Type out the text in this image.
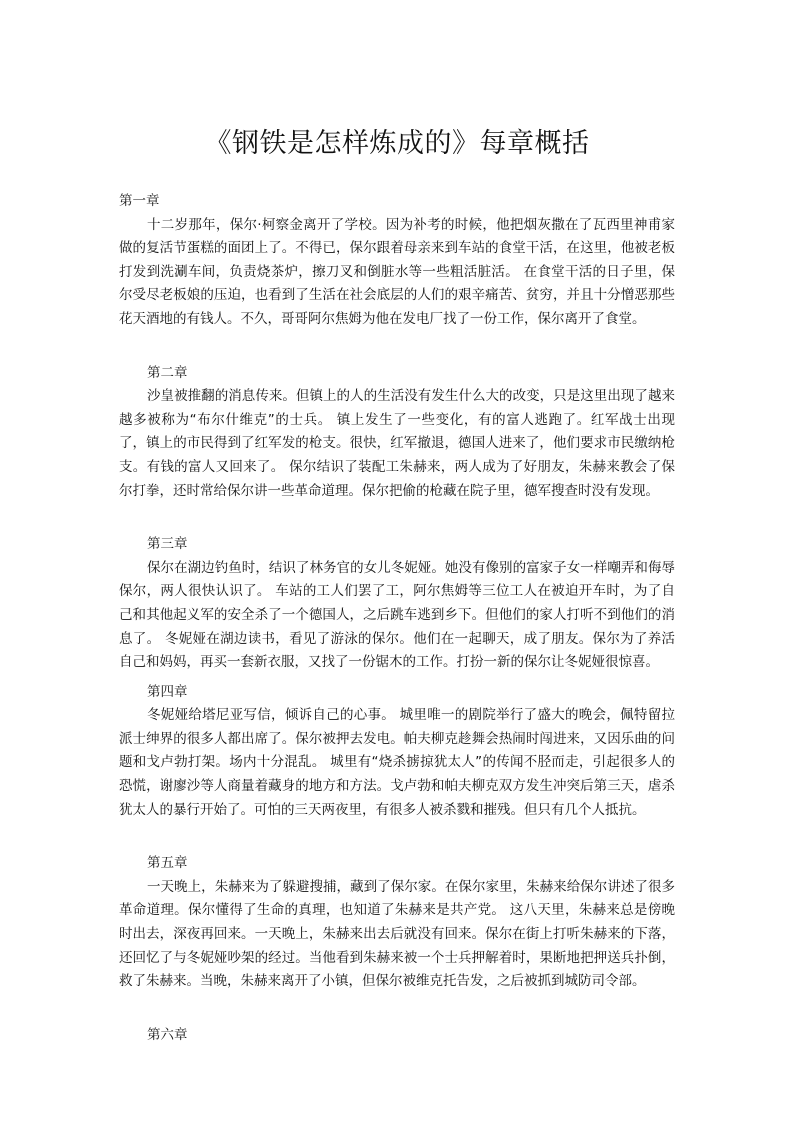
《钢铁是怎样炼成的》每章概括
第一章

十二岁那年，保尔·柯察金离开了学校。因为补考的时候，他把烟灰撒在了瓦西里神甫家做的复活节蛋糕的面团上了。不得已，保尔跟着母亲来到车站的食堂干活，在这里，他被老板打发到洗涮车间，负责烧茶炉，擦刀叉和倒脏水等一些粗活脏活。 在食堂干活的日子里，保尔受尽老板娘的压迫，也看到了生活在社会底层的人们的艰辛痛苦、贫穷，并且十分憎恶那些花天酒地的有钱人。不久，哥哥阿尔焦姆为他在发电厂找了一份工作，保尔离开了食堂。

第二章

沙皇被推翻的消息传来。但镇上的人的生活没有发生什么大的改变，只是这里出现了越来越多被称为“布尔什维克”的士兵。 镇上发生了一些变化，有的富人逃跑了。红军战士出现了，镇上的市民得到了红军发的枪支。很快，红军撤退，德国人进来了，他们要求市民缴纳枪支。有钱的富人又回来了。 保尔结识了装配工朱赫来，两人成为了好朋友，朱赫来教会了保尔打拳，还时常给保尔讲一些革命道理。保尔把偷的枪藏在院子里，德军搜查时没有发现。

第三章

保尔在湖边钓鱼时，结识了林务官的女儿冬妮娅。她没有像别的富家子女一样嘲弄和侮辱保尔，两人很快认识了。 车站的工人们罢了工，阿尔焦姆等三位工人在被迫开车时，为了自己和其他起义军的安全杀了一个德国人，之后跳车逃到乡下。但他们的家人打听不到他们的消息了。 冬妮娅在湖边读书，看见了游泳的保尔。他们在一起聊天，成了朋友。保尔为了养活自己和妈妈，再买一套新衣服，又找了一份锯木的工作。打扮一新的保尔让冬妮娅很惊喜。

第四章

冬妮娅给塔尼亚写信，倾诉自己的心事。 城里唯一的剧院举行了盛大的晚会，佩特留拉派士绅界的很多人都出席了。保尔被押去发电。帕夫柳克趁舞会热闹时闯进来，又因乐曲的问题和戈卢勃打架。场内十分混乱。 城里有“烧杀掳掠犹太人”的传闻不胫而走，引起很多人的恐慌，谢廖沙等人商量着藏身的地方和方法。戈卢勃和帕夫柳克双方发生冲突后第三天，虐杀犹太人的暴行开始了。可怕的三天两夜里，有很多人被杀戮和摧残。但只有几个人抵抗。

第五章

一天晚上，朱赫来为了躲避搜捕，藏到了保尔家。在保尔家里，朱赫来给保尔讲述了很多革命道理。保尔懂得了生命的真理，也知道了朱赫来是共产党。 这八天里，朱赫来总是傍晚时出去，深夜再回来。一天晚上，朱赫来出去后就没有回来。保尔在街上打听朱赫来的下落，还回忆了与冬妮娅吵架的经过。当他看到朱赫来被一个士兵押解着时，果断地把押送兵扑倒，救了朱赫来。当晚，朱赫来离开了小镇，但保尔被维克托告发，之后被抓到城防司令部。

第六章
